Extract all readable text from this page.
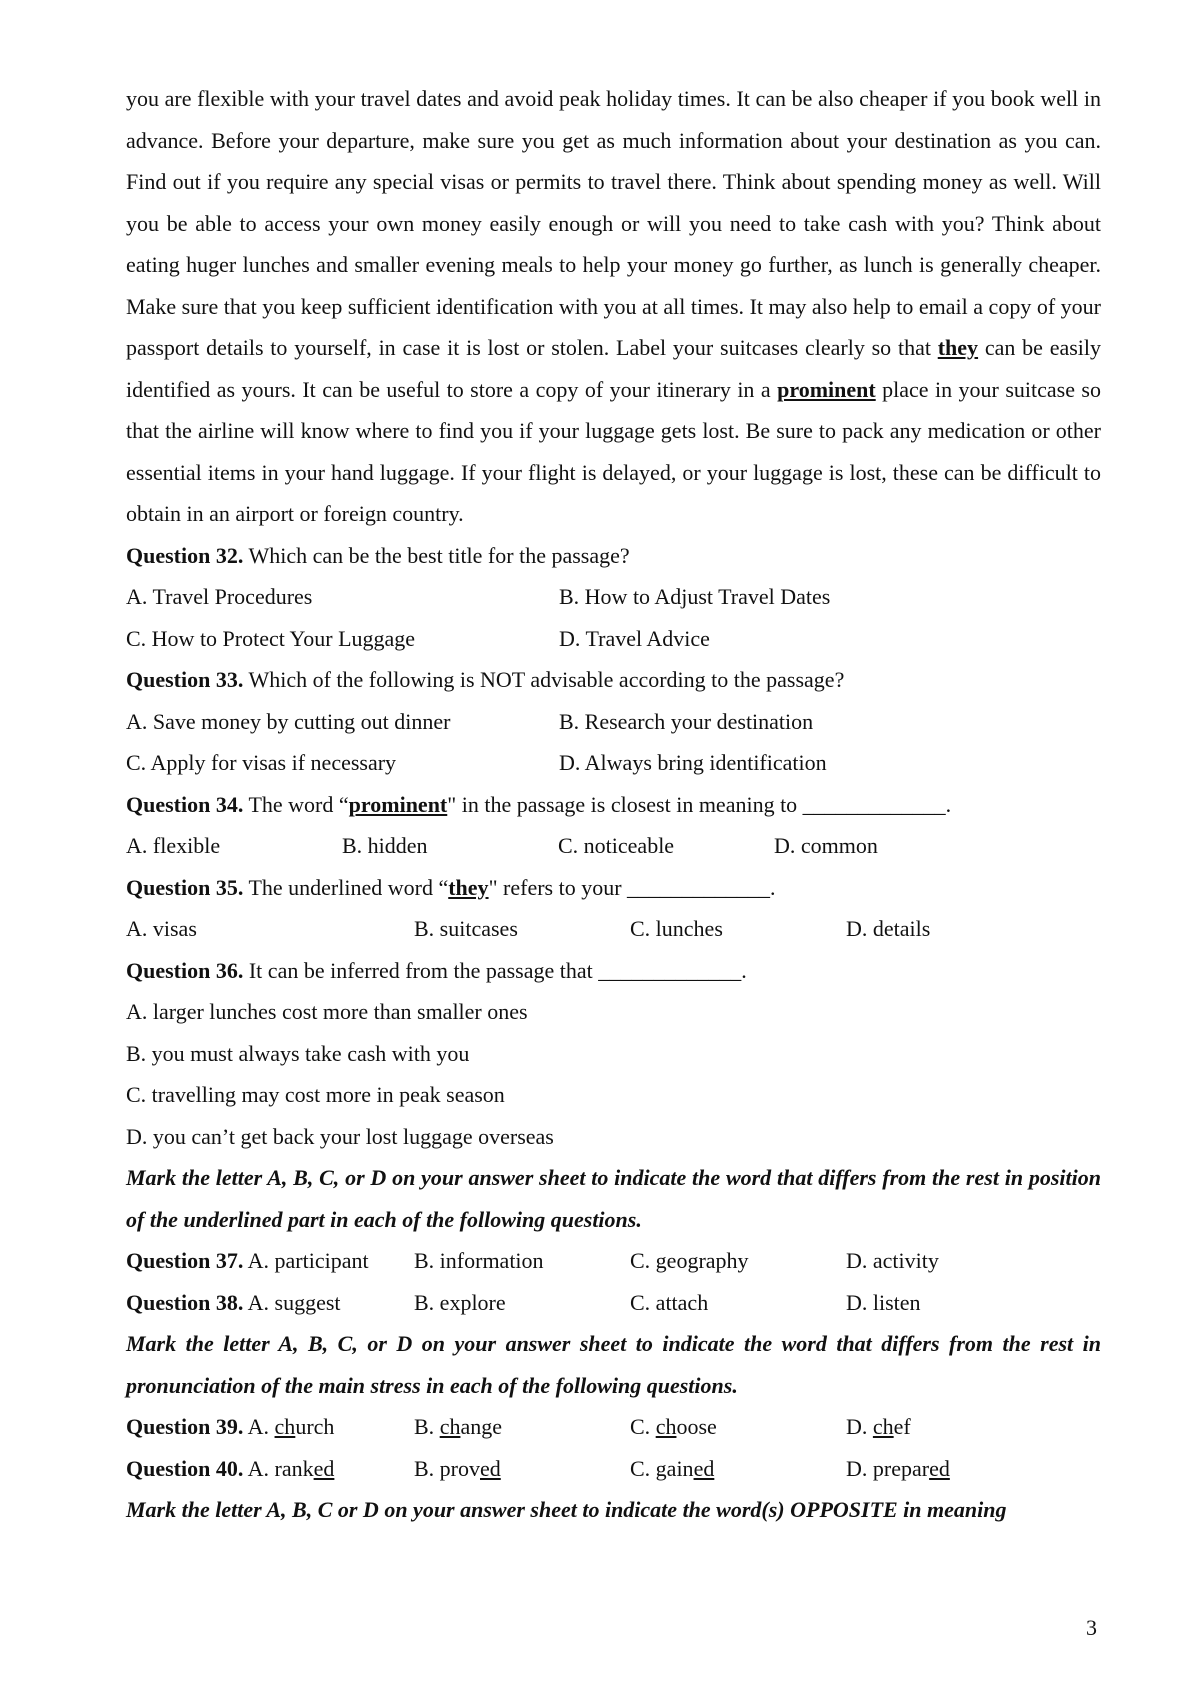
you are flexible with your travel dates and avoid peak holiday times. It can be also cheaper if you book well in advance. Before your departure, make sure you get as much information about your destination as you can. Find out if you require any special visas or permits to travel there. Think about spending money as well. Will you be able to access your own money easily enough or will you need to take cash with you? Think about eating huger lunches and smaller evening meals to help your money go further, as lunch is generally cheaper. Make sure that you keep sufficient identification with you at all times. It may also help to email a copy of your passport details to yourself, in case it is lost or stolen. Label your suitcases clearly so that they can be easily identified as yours. It can be useful to store a copy of your itinerary in a prominent place in your suitcase so that the airline will know where to find you if your luggage gets lost. Be sure to pack any medication or other essential items in your hand luggage. If your flight is delayed, or your luggage is lost, these can be difficult to obtain in an airport or foreign country.

Question 32. Which can be the best title for the passage?

A. Travel Procedures	B. How to Adjust Travel Dates

C. How to Protect Your Luggage	D. Travel Advice

Question 33. Which of the following is NOT advisable according to the passage?

A. Save money by cutting out dinner	B. Research your destination

C. Apply for visas if necessary	D. Always bring identification

Question 34. The word “prominent" in the passage is closest in meaning to _____________.

A. flexible	B. hidden	C. noticeable	D. common

Question 35. The underlined word “they" refers to your _____________.

A. visas	B. suitcases	C. lunches	D. details

Question 36. It can be inferred from the passage that _____________.

A. larger lunches cost more than smaller ones

B. you must always take cash with you

C. travelling may cost more in peak season

D. you can’t get back your lost luggage overseas

Mark the letter A, B, C, or D on your answer sheet to indicate the word that differs from the rest in position of the underlined part in each of the following questions.

Question 37. A. participant	B. information	C. geography	D. activity

Question 38. A. suggest	B. explore	C. attach	D. listen

Mark the letter A, B, C, or D on your answer sheet to indicate the word that differs from the rest in pronunciation of the main stress in each of the following questions.

Question 39. A. church	B. change	C. choose	D. chef

Question 40. A. ranked	B. proved	C. gained	D. prepared

Mark the letter A, B, C or D on your answer sheet to indicate the word(s) OPPOSITE in meaning

3
